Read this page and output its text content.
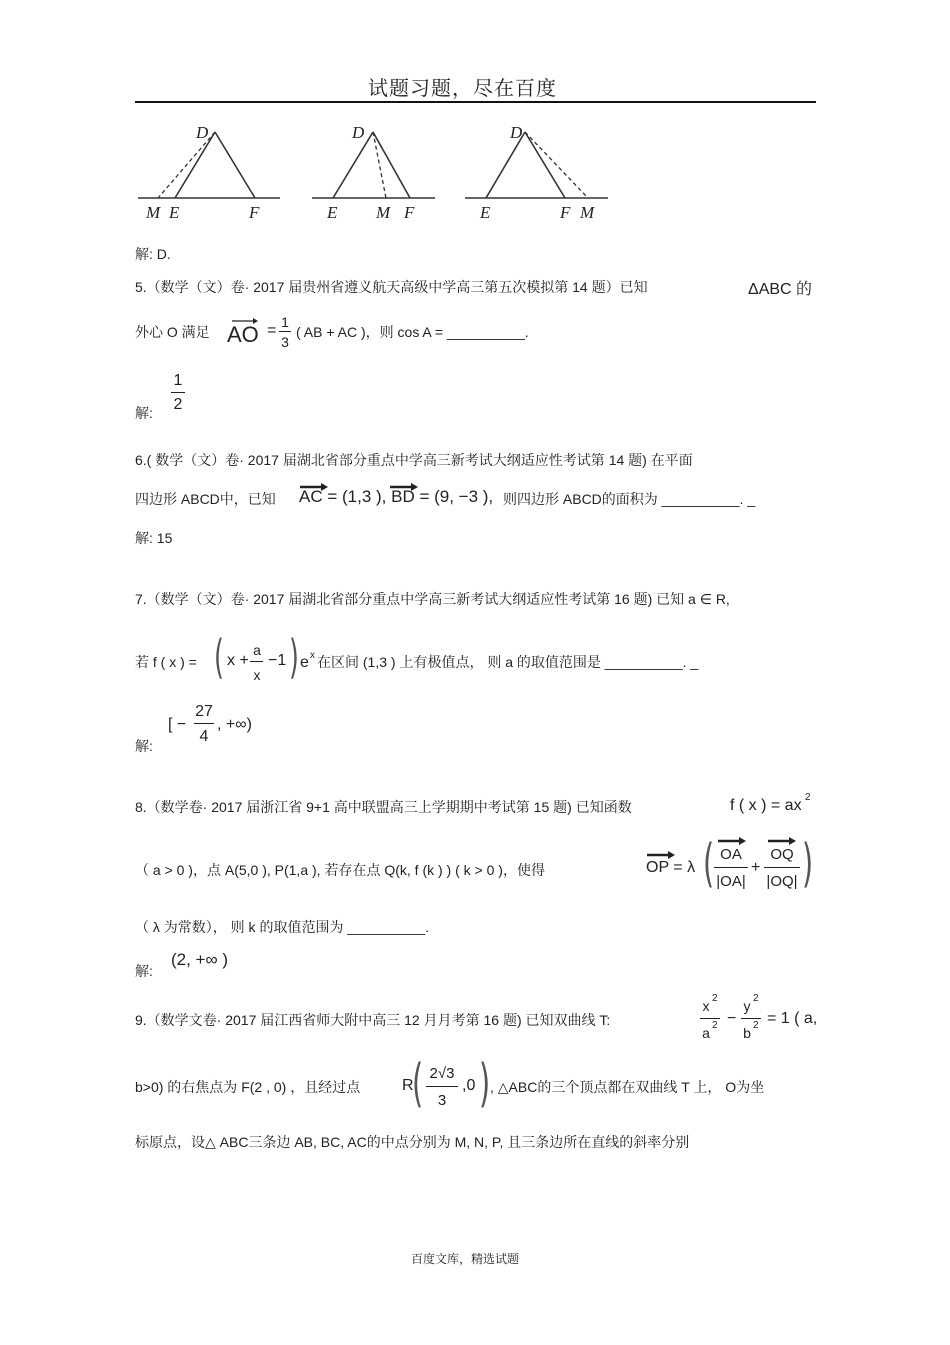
试题习题，尽在百度
D
M E	F
D
E M F
D
E	F M
解: D.
5.（数学（文）卷· 2017 届贵州省遵义航天高级中学高三第五次模拟第 14 题）已知	ΔABC 的
外心 O 满足 AO = 1
3
( AB + AC )，则 cos A = __________.
解:
1
2
6.( 数学（文）卷· 2017 届湖北省部分重点中学高三新考试大纲适应性考试第 14 题) 在平面
四边形 ABCD中，已知 AC = (1,3 ), BD = (9, −3 ), 则四边形 ABCD的面积为 __________. _
解: 15
7.（数学（文）卷· 2017 届湖北省部分重点中学高三新考试大纲适应性考试第 16 题) 已知 a ∈ R,
若 f ( x ) = ( x +
a
x
−1 ) e x 在区间 (1,3 ) 上有极值点， 则 a 的取值范围是 __________. _
解:
[ −
27
4
, +∞)
8.（数学卷· 2017 届浙江省 9+1 高中联盟高三上学期期中考试第 15 题) 已知函数	f ( x ) = ax 2
（ a > 0 )，点 A(5,0 ), P(1,a ), 若存在点 Q(k, f (k ) ) ( k > 0 )，使得	OP = λ ( OA
|OA|
+
OQ
|OQ| )
（ λ 为常数）， 则 k 的取值范围为 __________.
解:
(2, +∞ )
9.（数学文卷· 2017 届江西省师大附中高三 12 月月考第 16 题) 已知双曲线 T:
x 2
a 2 −
y 2
b 2 = 1 ( a,
b>0) 的右焦点为 F(2 , 0) ，且经过点	R
( 2√3
3
,0 ) , △ABC的三个顶点都在双曲线 T 上， O为坐
标原点，设△ ABC三条边 AB, BC, AC的中点分别为 M, N, P, 且三条边所在直线的斜率分别
百度文库，精选试题
